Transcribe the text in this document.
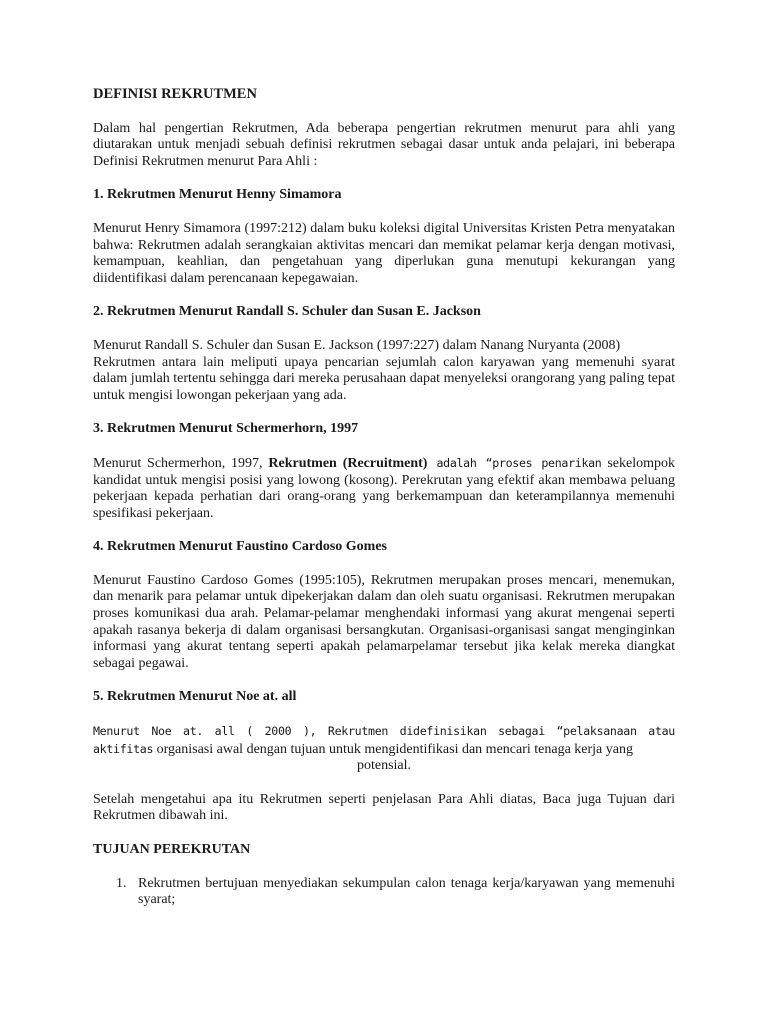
DEFINISI REKRUTMEN

Dalam hal pengertian Rekrutmen, Ada beberapa pengertian rekrutmen menurut para ahli yang diutarakan untuk menjadi sebuah definisi rekrutmen sebagai dasar untuk anda pelajari, ini beberapa Definisi Rekrutmen menurut Para Ahli :

1. Rekrutmen Menurut Henny Simamora

Menurut Henry Simamora (1997:212) dalam buku koleksi digital Universitas Kristen Petra menyatakan bahwa: Rekrutmen adalah serangkaian aktivitas mencari dan memikat pelamar kerja dengan motivasi, kemampuan, keahlian, dan pengetahuan yang diperlukan guna menutupi kekurangan yang diidentifikasi dalam perencanaan kepegawaian.

2. Rekrutmen Menurut Randall S. Schuler dan Susan E. Jackson

Menurut Randall S. Schuler dan Susan E. Jackson (1997:227) dalam Nanang Nuryanta (2008)

Rekrutmen antara lain meliputi upaya pencarian sejumlah calon karyawan yang memenuhi syarat dalam jumlah tertentu sehingga dari mereka perusahaan dapat menyeleksi orangorang yang paling tepat untuk mengisi lowongan pekerjaan yang ada.

3. Rekrutmen Menurut Schermerhorn, 1997

Menurut Schermerhon, 1997, Rekrutmen (Recruitment) adalah “proses penarikan sekelompok kandidat untuk mengisi posisi yang lowong (kosong). Perekrutan yang efektif akan membawa peluang pekerjaan kepada perhatian dari orang-orang yang berkemampuan dan keterampilannya memenuhi spesifikasi pekerjaan.

4. Rekrutmen Menurut Faustino Cardoso Gomes

Menurut Faustino Cardoso Gomes (1995:105), Rekrutmen merupakan proses mencari, menemukan, dan menarik para pelamar untuk dipekerjakan dalam dan oleh suatu organisasi. Rekrutmen merupakan proses komunikasi dua arah. Pelamar-pelamar menghendaki informasi yang akurat mengenai seperti apakah rasanya bekerja di dalam organisasi bersangkutan. Organisasi-organisasi sangat menginginkan informasi yang akurat tentang seperti apakah pelamarpelamar tersebut jika kelak mereka diangkat sebagai pegawai.

5. Rekrutmen Menurut Noe at. all

Menurut Noe at. all ( 2000 ), Rekrutmen didefinisikan sebagai “pelaksanaan atau aktifitas organisasi awal dengan tujuan untuk mengidentifikasi dan mencari tenaga kerja yang
potensial.

Setelah mengetahui apa itu Rekrutmen seperti penjelasan Para Ahli diatas, Baca juga Tujuan dari Rekrutmen dibawah ini.

TUJUAN PEREKRUTAN

1. Rekrutmen bertujuan menyediakan sekumpulan calon tenaga kerja/karyawan yang memenuhi syarat;
